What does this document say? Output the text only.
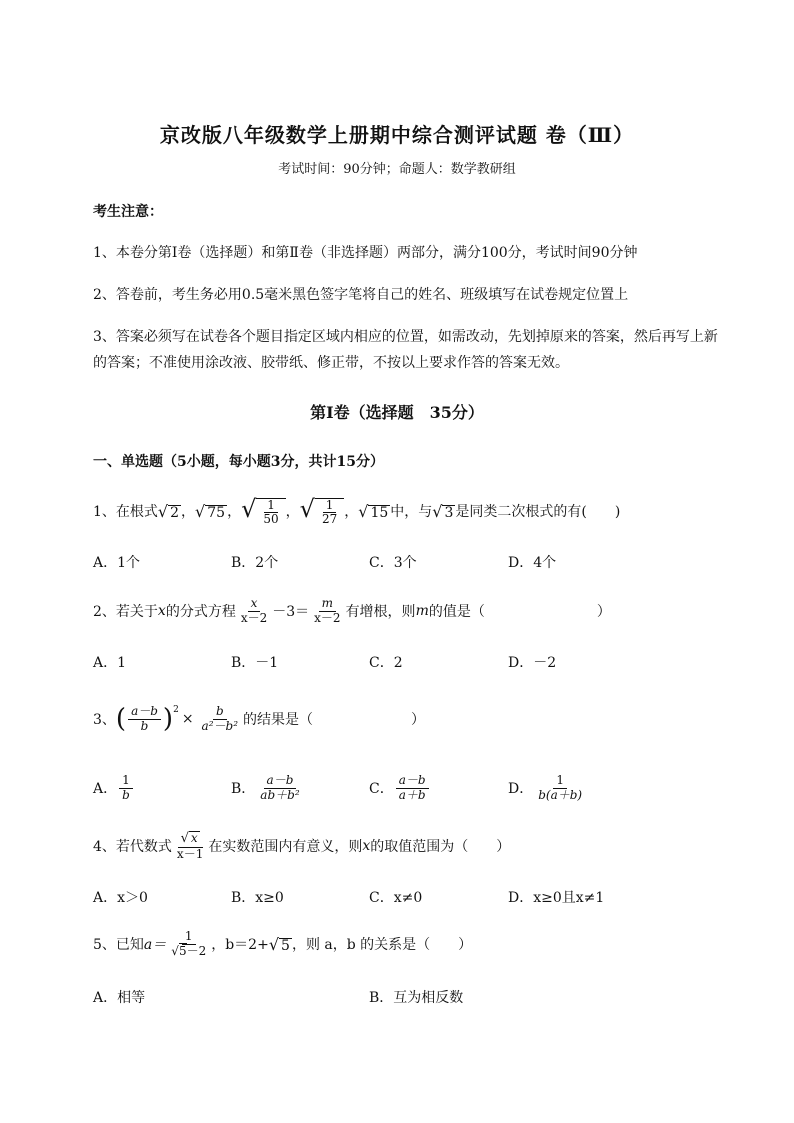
京改版八年级数学上册期中综合测评试题 卷（Ⅲ）
考试时间：90分钟；命题人：数学教研组
考生注意：
1、本卷分第Ⅰ卷（选择题）和第Ⅱ卷（非选择题）两部分，满分100分，考试时间90分钟
2、答卷前，考生务必用0.5毫米黑色签字笔将自己的姓名、班级填写在试卷规定位置上
3、答案必须写在试卷各个题目指定区域内相应的位置，如需改动，先划掉原来的答案，然后再写上新
的答案；不准使用涂改液、胶带纸、修正带，不按以上要求作答的答案无效。
第Ⅰ卷（选择题　35分）
一、单选题（5小题，每小题3分，共计15分）
1、在根式 √ 2 ， √ 75 ， √ $\frac{1}{50}$ ， √ $\frac{1}{27}$ ， √ 15 中，与 √ 3 是同类二次根式的有(　　)
A．1个	B．2个	C．3个	D．4个
2、若关于 x 的分式方程 $\frac{x}{x-2} -3= \frac{m}{x-2}$ 有增根，则 m 的值是（　　　　　　　　）
A．1	B．－1	C．2	D．－2
3、 ( $\frac{a-b}{b}$ ) 2
× $\frac{b}{\text{a²－b²}}$ 的结果是（　　　　　　　）
A． $\frac{1}{b}$	B． $\frac{a-b}{\text{ab＋b²}}$	C． $\frac{a-b}{a+b}$	D． $\frac{1}{b(a+b)}$
4、若代数式 $\frac{√ x}{x-1}$ 在实数范围内有意义，则 x 的取值范围为（　　）
A．x＞0	B．x≥0	C．x≠0	D．x≥0且x≠1
5、已知 $a= \frac{1}{√5-2}$ ，b＝2+ √ 5 ，则 a，b 的关系是（　　）
A．相等	B．互为相反数
